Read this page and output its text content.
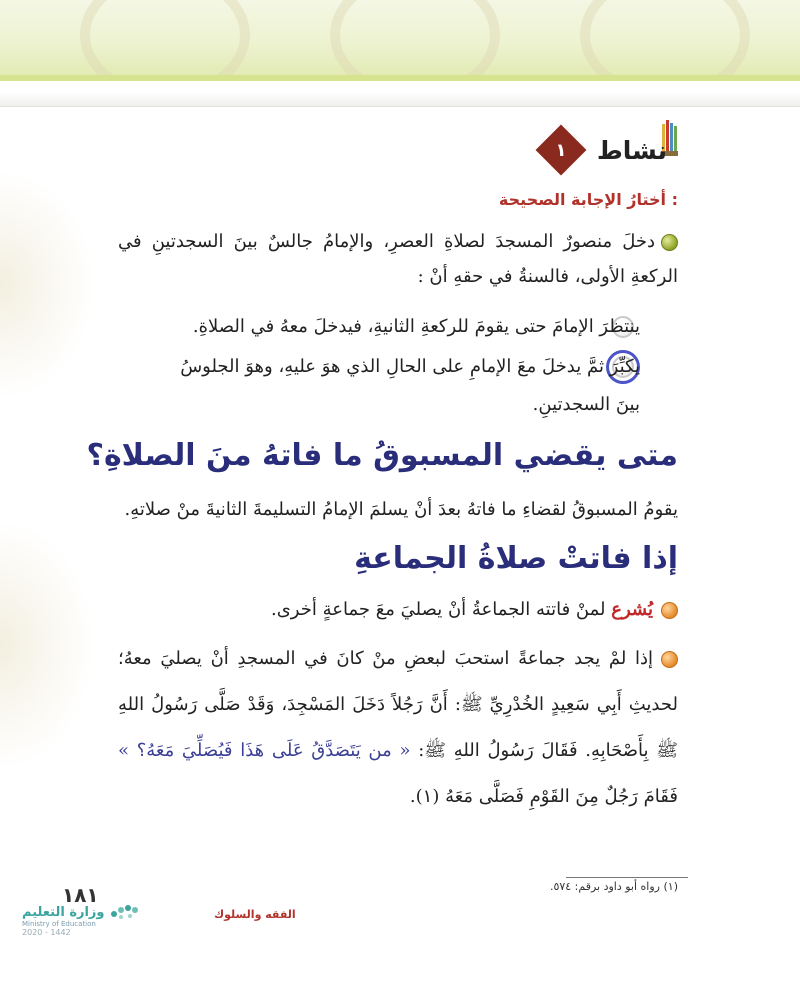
نشاط
١
أختارُ الإجابة الصحيحة :
دخلَ منصورٌ المسجدَ لصلاةِ العصرِ، والإمامُ جالسٌ بينَ السجدتينِ في الركعةِ الأولى، فالسنةُ في حقهِ أنْ :
ينتظرَ الإمامَ حتى يقومَ للركعةِ الثانيةِ، فيدخلَ معهُ في الصلاةِ.
يكبِّرَ ثمَّ يدخلَ معَ الإمامِ على الحالِ الذي هوَ عليهِ، وهوَ الجلوسُ بينَ السجدتينِ.
متى يقضي المسبوقُ ما فاتهُ منَ الصلاةِ؟
يقومُ المسبوقُ لقضاءِ ما فاتهُ بعدَ أنْ يسلمَ الإمامُ التسليمةَ الثانيةَ منْ صلاتهِ.
إذا فاتتْ صلاةُ الجماعةِ
يُشرع لمنْ فاتته الجماعةُ أنْ يصليَ معَ جماعةٍ أخرى.
إذا لمْ يجد جماعةً استحبَ لبعضِ منْ كانَ في المسجدِ أنْ يصليَ معهُ؛ لحديثِ أَبِي سَعِيدٍ الخُدْرِيِّ ﷺ: أَنَّ رَجُلاً دَخَلَ المَسْجِدَ، وَقَدْ صَلَّى رَسُولُ اللهِ ﷺ بِأَصْحَابِهِ. فَقَالَ رَسُولُ اللهِ ﷺ: « من يَتَصَدَّقُ عَلَى هَذَا فَيُصَلِّيَ مَعَهُ؟ » فَقَامَ رَجُلٌ مِنَ القَوْمِ فَصَلَّى مَعَهُ (١).
(١) رواه أبو داود برقم: ٥٧٤.
الفقه والسلوك
١٨١
وزارة التعليم
Ministry of Education
2020 - 1442
